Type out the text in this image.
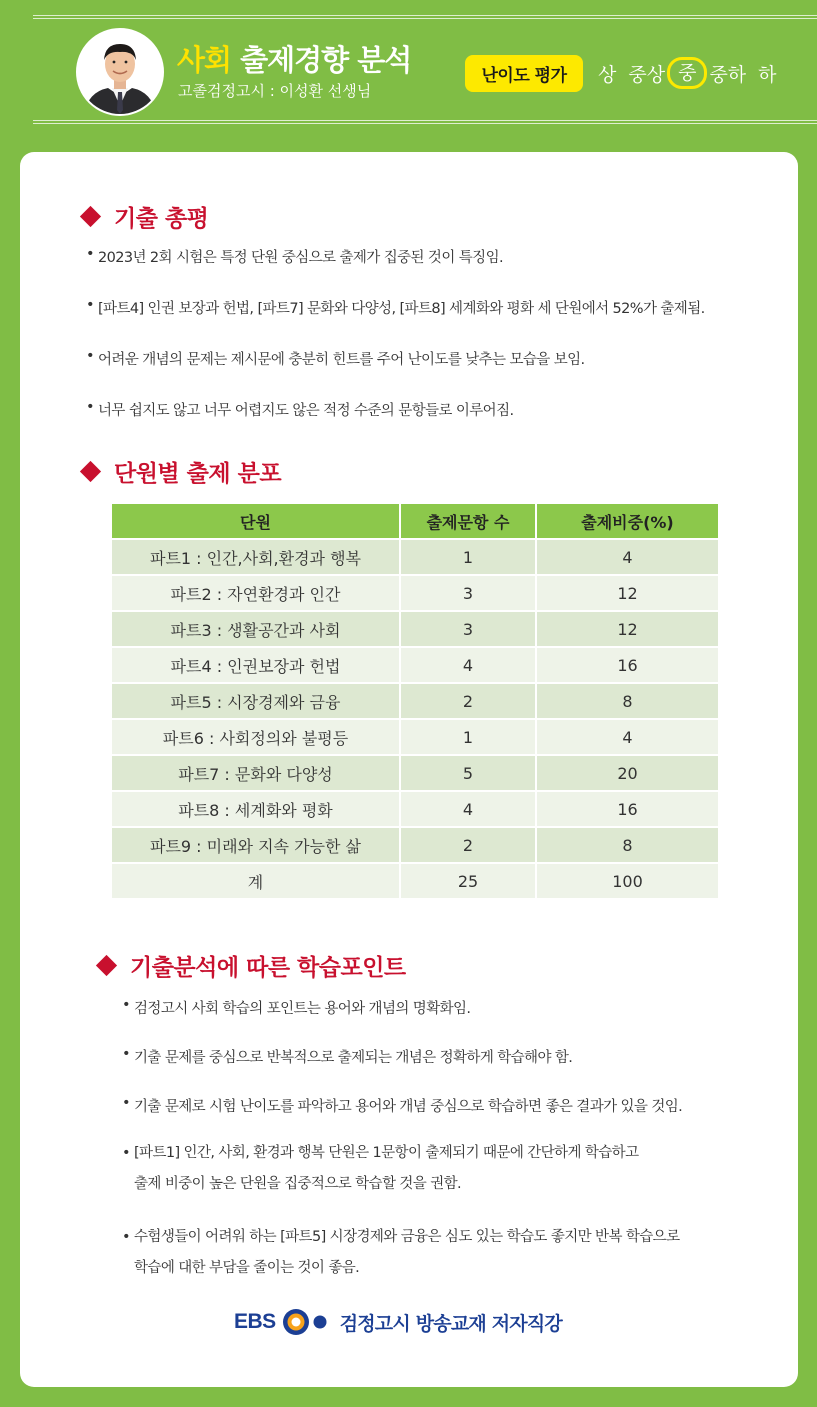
사회 출제경향 분석
고졸검정고시 : 이성환 선생님
난이도 평가	상 중상 중 중하 하
기출 총평
• 2023년 2회 시험은 특정 단원 중심으로 출제가 집중된 것이 특징임.
• [파트4] 인권 보장과 헌법, [파트7] 문화와 다양성, [파트8] 세계화와 평화 세 단원에서 52%가 출제됨.
• 어려운 개념의 문제는 제시문에 충분히 힌트를 주어 난이도를 낮추는 모습을 보임.
• 너무 쉽지도 않고 너무 어렵지도 않은 적정 수준의 문항들로 이루어짐.
단원별 출제 분포
단원	출제문항 수	출제비중(%)
파트1 : 인간,사회,환경과 행복	1	4
파트2 : 자연환경과 인간	3	12
파트3 : 생활공간과 사회	3	12
파트4 : 인권보장과 헌법	4	16
파트5 : 시장경제와 금융	2	8
파트6 : 사회정의와 불평등	1	4
파트7 : 문화와 다양성	5	20
파트8 : 세계화와 평화	4	16
파트9 : 미래와 지속 가능한 삶	2	8
계	25	100
기출분석에 따른 학습포인트
• 검정고시 사회 학습의 포인트는 용어와 개념의 명확화임.
• 기출 문제를 중심으로 반복적으로 출제되는 개념은 정확하게 학습해야 함.
• 기출 문제로 시험 난이도를 파악하고 용어와 개념 중심으로 학습하면 좋은 결과가 있을 것임.
• [파트1] 인간, 사회, 환경과 행복 단원은 1문항이 출제되기 때문에 간단하게 학습하고
출제 비중이 높은 단원을 집중적으로 학습할 것을 권함.
• 수험생들이 어려워 하는 [파트5] 시장경제와 금융은 심도 있는 학습도 좋지만 반복 학습으로
학습에 대한 부담을 줄이는 것이 좋음.
EBS	검정고시 방송교재 저자직강
